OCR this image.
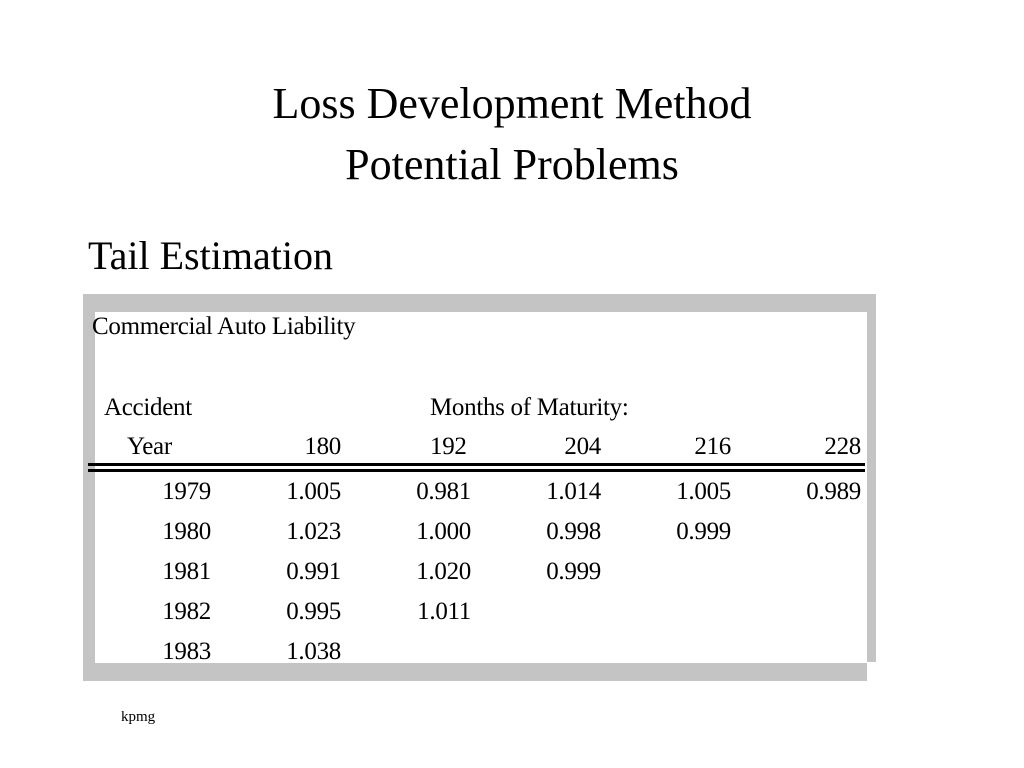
Loss Development Method
Potential Problems
Tail Estimation
Commercial Auto Liability
Accident	Months of Maturity:
Year	180	192	204	216	228
1979	1.005	0.981	1.014	1.005	0.989
1980	1.023	1.000	0.998	0.999
1981	0.991	1.020	0.999
1982	0.995	1.011
1983	1.038
kpmg
